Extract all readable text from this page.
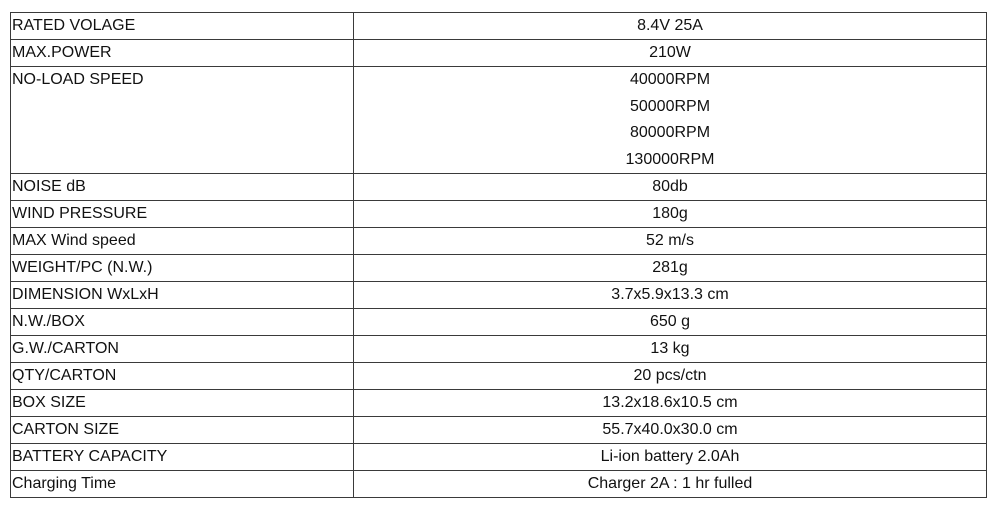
RATED VOLAGE	8.4V 25A
MAX.POWER	210W
NO-LOAD SPEED	40000RPM
50000RPM
80000RPM
130000RPM

NOISE dB	80db
WIND PRESSURE	180g
MAX Wind speed	52 m/s
WEIGHT/PC (N.W.)	281g
DIMENSION WxLxH	3.7x5.9x13.3 cm
N.W./BOX	650 g
G.W./CARTON	13 kg
QTY/CARTON	20 pcs/ctn
BOX SIZE	13.2x18.6x10.5 cm
CARTON SIZE	55.7x40.0x30.0 cm
BATTERY CAPACITY	Li-ion battery 2.0Ah
Charging Time	Charger 2A : 1 hr fulled
